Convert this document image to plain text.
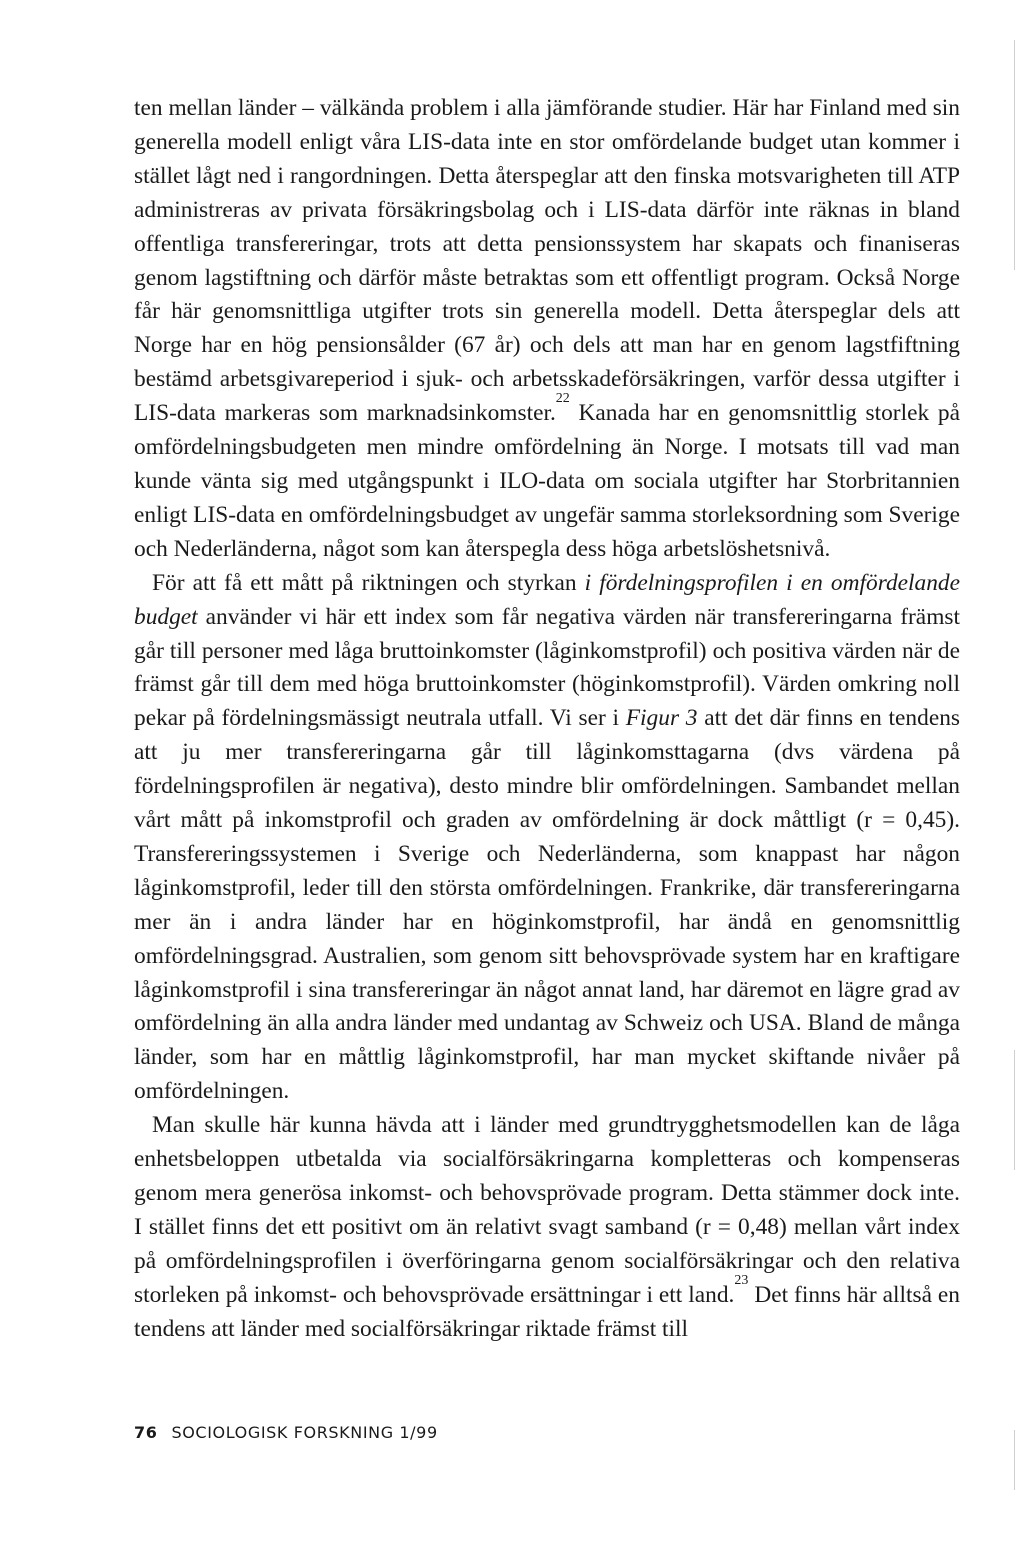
ten mellan länder – välkända problem i alla jämförande studier. Här har Finland med sin generella modell enligt våra LIS-data inte en stor omfördelande budget utan kommer i stället lågt ned i rangordningen. Detta återspeglar att den finska motsvarigheten till ATP administreras av privata försäkringsbolag och i LIS-data därför inte räknas in bland offentliga transfereringar, trots att detta pensionssystem har skapats och finaniseras genom lagstiftning och därför måste betraktas som ett offentligt program. Också Norge får här genomsnittliga utgifter trots sin generella modell. Detta återspeglar dels att Norge har en hög pensionsålder (67 år) och dels att man har en genom lagstfiftning bestämd arbetsgivareperiod i sjuk- och arbetsskadeförsäkringen, varför dessa utgifter i LIS-data markeras som marknadsinkomster.$^{22}$ Kanada har en genomsnittlig storlek på omfördelningsbudgeten men mindre omfördelning än Norge. I motsats till vad man kunde vänta sig med utgångspunkt i ILO-data om sociala utgifter har Storbritannien enligt LIS-data en omfördelningsbudget av ungefär samma storleksordning som Sverige och Nederländerna, något som kan återspegla dess höga arbetslöshetsnivå.

För att få ett mått på riktningen och styrkan i fördelningsprofilen i en omfördelande budget använder vi här ett index som får negativa värden när transfereringarna främst går till personer med låga bruttoinkomster (låginkomstprofil) och positiva värden när de främst går till dem med höga bruttoinkomster (höginkomstprofil). Värden omkring noll pekar på fördelningsmässigt neutrala utfall. Vi ser i Figur 3 att det där finns en tendens att ju mer transfereringarna går till låginkomsttagarna (dvs värdena på fördelningsprofilen är negativa), desto mindre blir omfördelningen. Sambandet mellan vårt mått på inkomstprofil och graden av omfördelning är dock måttligt (r = 0,45). Transfereringssystemen i Sverige och Nederländerna, som knappast har någon låginkomstprofil, leder till den största omfördelningen. Frankrike, där transfereringarna mer än i andra länder har en höginkomstprofil, har ändå en genomsnittlig omfördelningsgrad. Australien, som genom sitt behovsprövade system har en kraftigare låginkomstprofil i sina transfereringar än något annat land, har däremot en lägre grad av omfördelning än alla andra länder med undantag av Schweiz och USA. Bland de många länder, som har en måttlig låginkomstprofil, har man mycket skiftande nivåer på omfördelningen.

Man skulle här kunna hävda att i länder med grundtrygghetsmodellen kan de låga enhetsbeloppen utbetalda via socialförsäkringarna kompletteras och kompenseras genom mera generösa inkomst- och behovsprövade program. Detta stämmer dock inte. I stället finns det ett positivt om än relativt svagt samband (r = 0,48) mellan vårt index på omfördelningsprofilen i överföringarna genom socialförsäkringar och den relativa storleken på inkomst- och behovsprövade ersättningar i ett land.$^{23}$ Det finns här alltså en tendens att länder med socialförsäkringar riktade främst till

76 SOCIOLOGISK FORSKNING 1/99
